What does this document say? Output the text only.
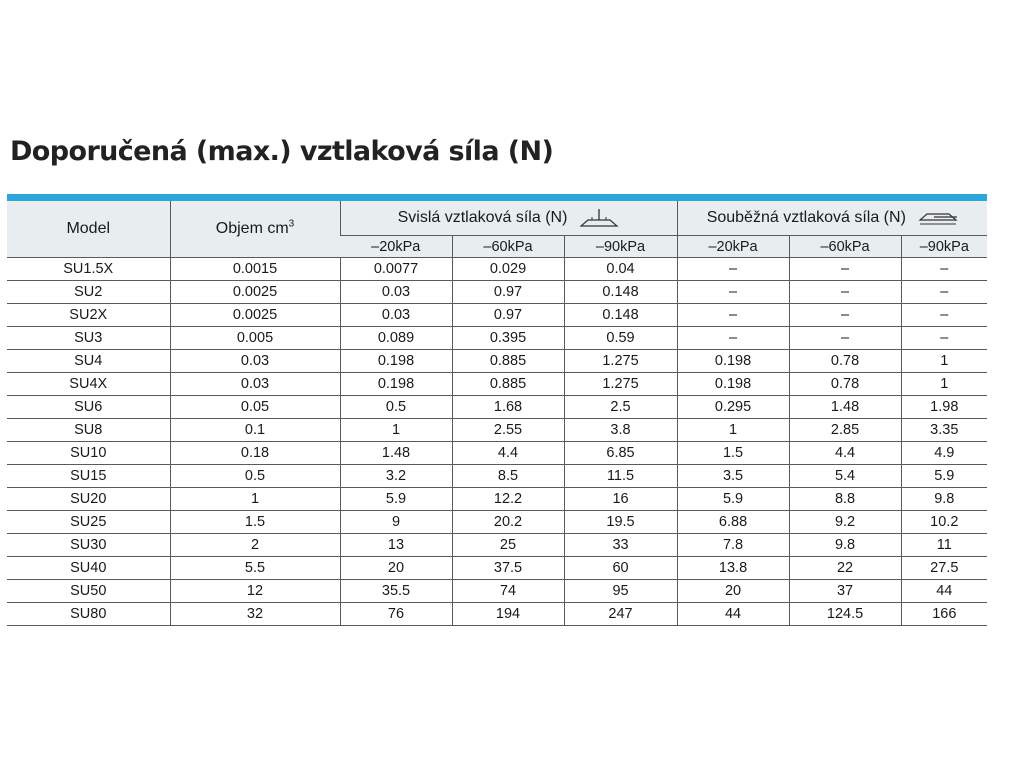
Doporučená (max.) vztlaková síla (N)
Model	Objem $cm^3$	Svislá vztlaková síla (N)			Souběžná vztlaková síla (N)		

		–20kPa	–60kPa	–90kPa	–20kPa	–60kPa	–90kPa
SU1.5X	0.0015	0.0077	0.029	0.04	–	–	–
SU2	0.0025	0.03	0.97	0.148	–	–	–
SU2X	0.0025	0.03	0.97	0.148	–	–	–
SU3	0.005	0.089	0.395	0.59	–	–	–
SU4	0.03	0.198	0.885	1.275	0.198	0.78	1
SU4X	0.03	0.198	0.885	1.275	0.198	0.78	1
SU6	0.05	0.5	1.68	2.5	0.295	1.48	1.98
SU8	0.1	1	2.55	3.8	1	2.85	3.35
SU10	0.18	1.48	4.4	6.85	1.5	4.4	4.9
SU15	0.5	3.2	8.5	11.5	3.5	5.4	5.9
SU20	1	5.9	12.2	16	5.9	8.8	9.8
SU25	1.5	9	20.2	19.5	6.88	9.2	10.2
SU30	2	13	25	33	7.8	9.8	11
SU40	5.5	20	37.5	60	13.8	22	27.5
SU50	12	35.5	74	95	20	37	44
SU80	32	76	194	247	44	124.5	166
